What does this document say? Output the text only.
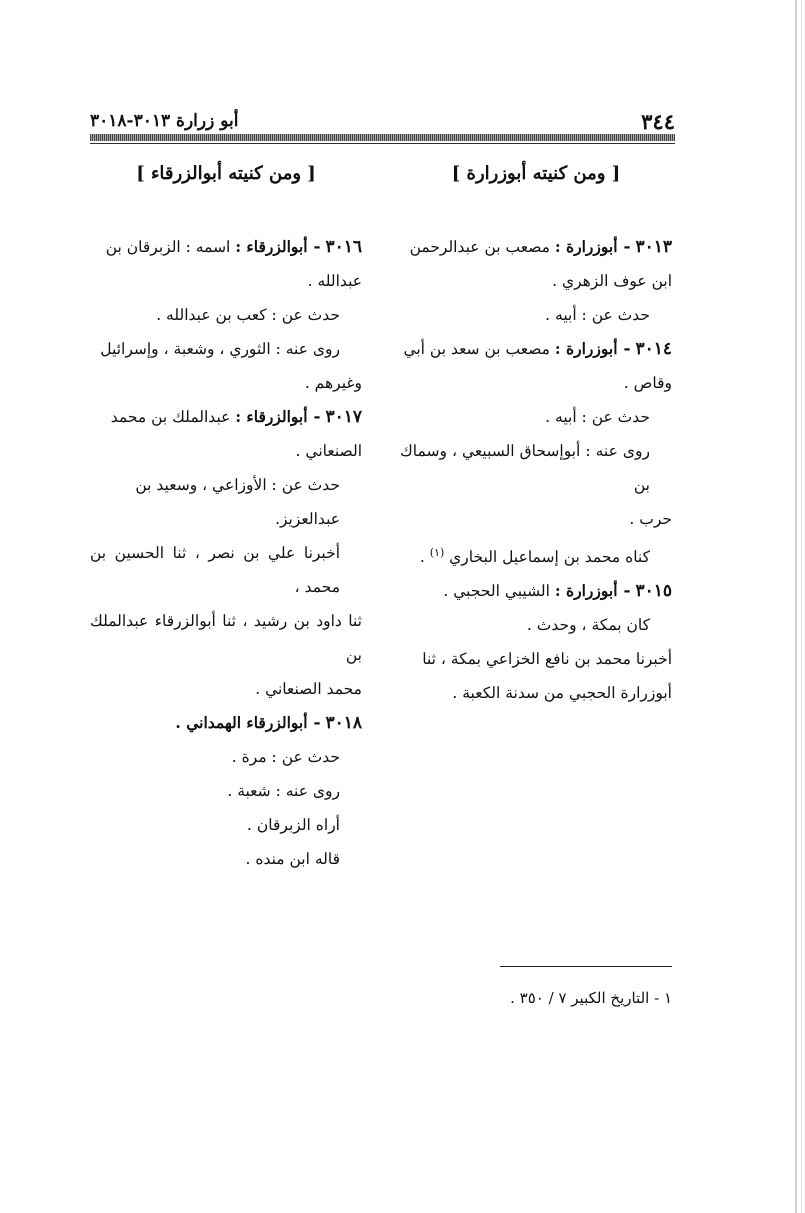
أبو زرارة ٣٠١٣-٣٠١٨	٣٤٤
[ ومن كنيته أبوزرارة ]

٣٠١٣ - أبوزرارة : مصعب بن عبدالرحمن

ابن عوف الزهري .

حدث عن : أبيه .

٣٠١٤ - أبوزرارة : مصعب بن سعد بن أبي

وقاص .

حدث عن : أبيه .

روى عنه : أبوإسحاق السبيعي ، وسماك بن

حرب .

كناه محمد بن إسماعيل البخاري $^{(١)}$ .

٣٠١٥ - أبوزرارة : الشيبي الحجبي .

كان بمكة ، وحدث .

أخبرنا محمد بن نافع الخزاعي بمكة ، ثنا

أبوزرارة الحجبي من سدنة الكعبة .

[ ومن كنيته أبوالزرقاء ]

٣٠١٦ - أبوالزرقاء : اسمه : الزبرقان بن

عبدالله .

حدث عن : كعب بن عبدالله .

روى عنه : الثوري ، وشعبة ، وإسرائيل

وغيرهم .

٣٠١٧ - أبوالزرقاء : عبدالملك بن محمد

الصنعاني .

حدث عن : الأوزاعي ، وسعيد بن عبدالعزيز.

أخبرنا علي بن نصر ، ثنا الحسين بن محمد ،

ثنا داود بن رشيد ، ثنا أبوالزرقاء عبدالملك بن

محمد الصنعاني .

٣٠١٨ - أبوالزرقاء الهمداني .

حدث عن : مرة .

روى عنه : شعبة .

أراه الزبرقان .

قاله ابن منده .

١ - التاريخ الكبير ٧ / ٣٥٠ .
